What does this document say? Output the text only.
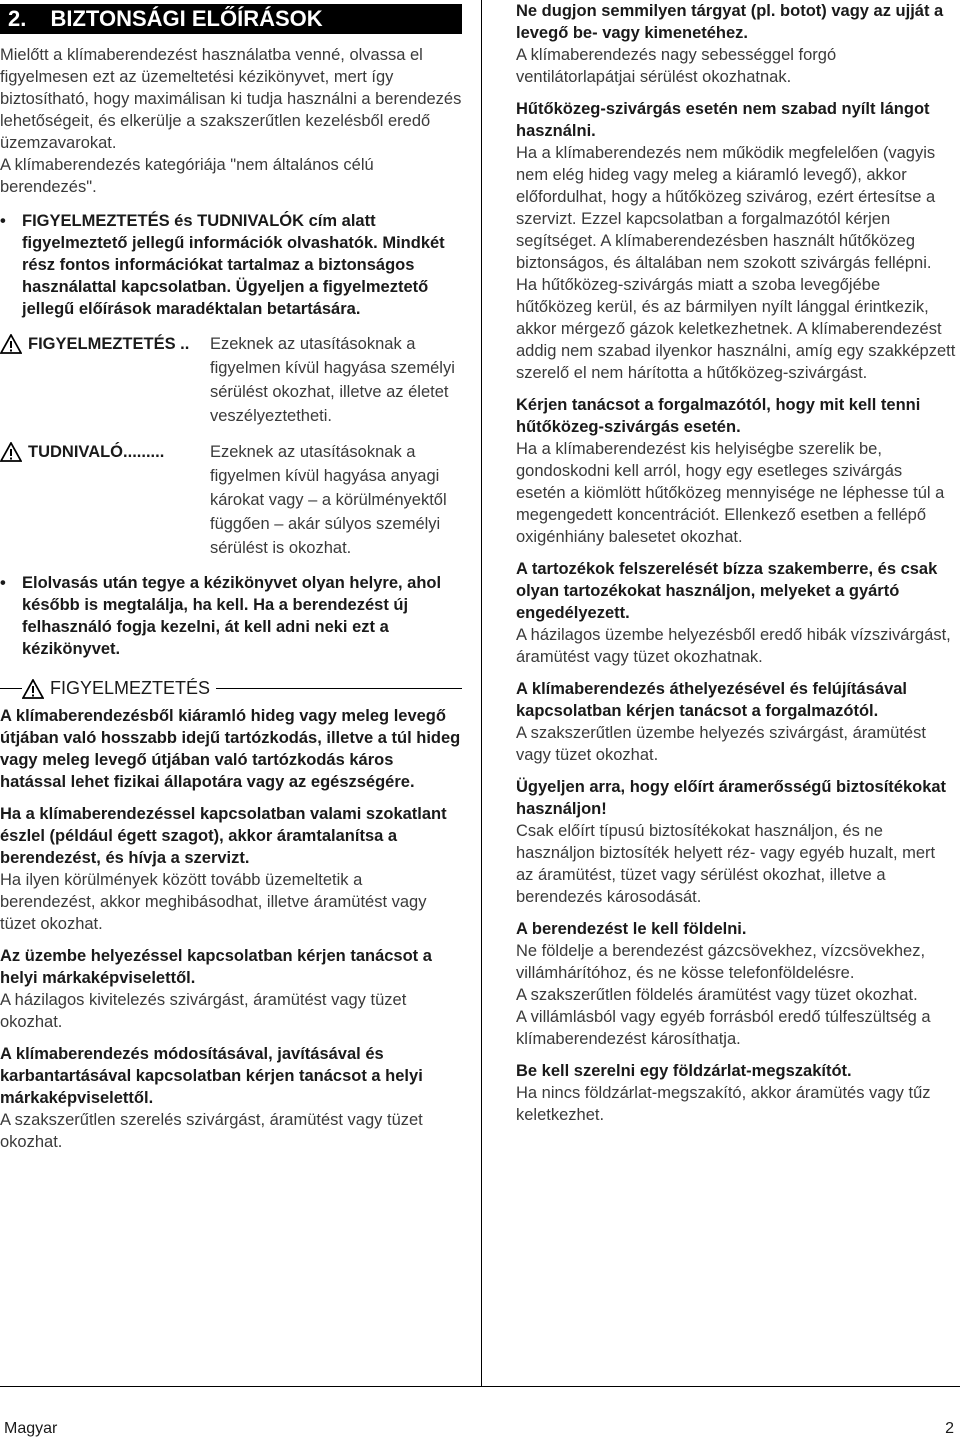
2. BIZTONSÁGI ELŐÍRÁSOK

Mielőtt a klímaberendezést használatba venné, olvassa el figyelmesen ezt az üzemeltetési kézikönyvet, mert így biztosítható, hogy maximálisan ki tudja használni a berendezés lehetőségeit, és elkerülje a szakszerűtlen kezelésből eredő üzemzavarokat.

A klímaberendezés kategóriája "nem általános célú berendezés".

• FIGYELMEZTETÉS és TUDNIVALÓK cím alatt figyelmeztető jellegű információk olvashatók. Mindkét rész fontos információkat tartalmaz a biztonságos használattal kapcsolatban. Ügyeljen a figyelmeztető jellegű előírások maradéktalan betartására.
FIGYELMEZTETÉS .. Ezeknek az utasításoknak a figyelmen kívül hagyása személyi sérülést okozhat, illetve az életet veszélyeztetheti.
TUDNIVALÓ.........	Ezeknek az utasításoknak a figyelmen kívül hagyása anyagi károkat vagy – a körülményektől függően – akár súlyos személyi sérülést is okozhat.
• Elolvasás után tegye a kézikönyvet olyan helyre, ahol később is megtalálja, ha kell. Ha a berendezést új felhasználó fogja kezelni, át kell adni neki ezt a kézikönyvet.
FIGYELMEZTETÉS

A klímaberendezésből kiáramló hideg vagy meleg levegő útjában való hosszabb idejű tartózkodás, illetve a túl hideg vagy meleg levegő útjában való tartózkodás káros hatással lehet fizikai állapotára vagy az egészségére.

Ha a klímaberendezéssel kapcsolatban valami szokatlant észlel (például égett szagot), akkor áramtalanítsa a berendezést, és hívja a szervizt.

Ha ilyen körülmények között tovább üzemeltetik a berendezést, akkor meghibásodhat, illetve áramütést vagy tüzet okozhat.

Az üzembe helyezéssel kapcsolatban kérjen tanácsot a helyi márkaképviselettől.

A házilagos kivitelezés szivárgást, áramütést vagy tüzet okozhat.

A klímaberendezés módosításával, javításával és karbantartásával kapcsolatban kérjen tanácsot a helyi márkaképviselettől.

A szakszerűtlen szerelés szivárgást, áramütést vagy tüzet okozhat.

Ne dugjon semmilyen tárgyat (pl. botot) vagy az ujját a levegő be- vagy kimenetéhez.

A klímaberendezés nagy sebességgel forgó ventilátorlapátjai sérülést okozhatnak.

Hűtőközeg-szivárgás esetén nem szabad nyílt lángot használni.

Ha a klímaberendezés nem működik megfelelően (vagyis nem elég hideg vagy meleg a kiáramló levegő), akkor előfordulhat, hogy a hűtőközeg szivárog, ezért értesítse a szervizt. Ezzel kapcsolatban a forgalmazótól kérjen segítséget. A klímaberendezésben használt hűtőközeg biztonságos, és általában nem szokott szivárgás fellépni. Ha hűtőközeg-szivárgás miatt a szoba levegőjébe hűtőközeg kerül, és az bármilyen nyílt lánggal érintkezik, akkor mérgező gázok keletkezhetnek. A klímaberendezést addig nem szabad ilyenkor használni, amíg egy szakképzett szerelő el nem hárította a hűtőközeg-szivárgást.

Kérjen tanácsot a forgalmazótól, hogy mit kell tenni hűtőközeg-szivárgás esetén.

Ha a klímaberendezést kis helyiségbe szerelik be, gondoskodni kell arról, hogy egy esetleges szivárgás esetén a kiömlött hűtőközeg mennyisége ne léphesse túl a megengedett koncentrációt. Ellenkező esetben a fellépő oxigénhiány balesetet okozhat.

A tartozékok felszerelését bízza szakemberre, és csak olyan tartozékokat használjon, melyeket a gyártó engedélyezett.

A házilagos üzembe helyezésből eredő hibák vízszivárgást, áramütést vagy tüzet okozhatnak.

A klímaberendezés áthelyezésével és felújításával kapcsolatban kérjen tanácsot a forgalmazótól.

A szakszerűtlen üzembe helyezés szivárgást, áramütést vagy tüzet okozhat.

Ügyeljen arra, hogy előírt áramerősségű biztosítékokat használjon!

Csak előírt típusú biztosítékokat használjon, és ne használjon biztosíték helyett réz- vagy egyéb huzalt, mert az áramütést, tüzet vagy sérülést okozhat, illetve a berendezés károsodását.

A berendezést le kell földelni.

Ne földelje a berendezést gázcsövekhez, vízcsövekhez, villámhárítóhoz, és ne kösse telefonföldelésre.

A szakszerűtlen földelés áramütést vagy tüzet okozhat.

A villámlásból vagy egyéb forrásból eredő túlfeszültség a klímaberendezést károsíthatja.

Be kell szerelni egy földzárlat-megszakítót.

Ha nincs földzárlat-megszakító, akkor áramütés vagy tűz keletkezhet.

Magyar	2
